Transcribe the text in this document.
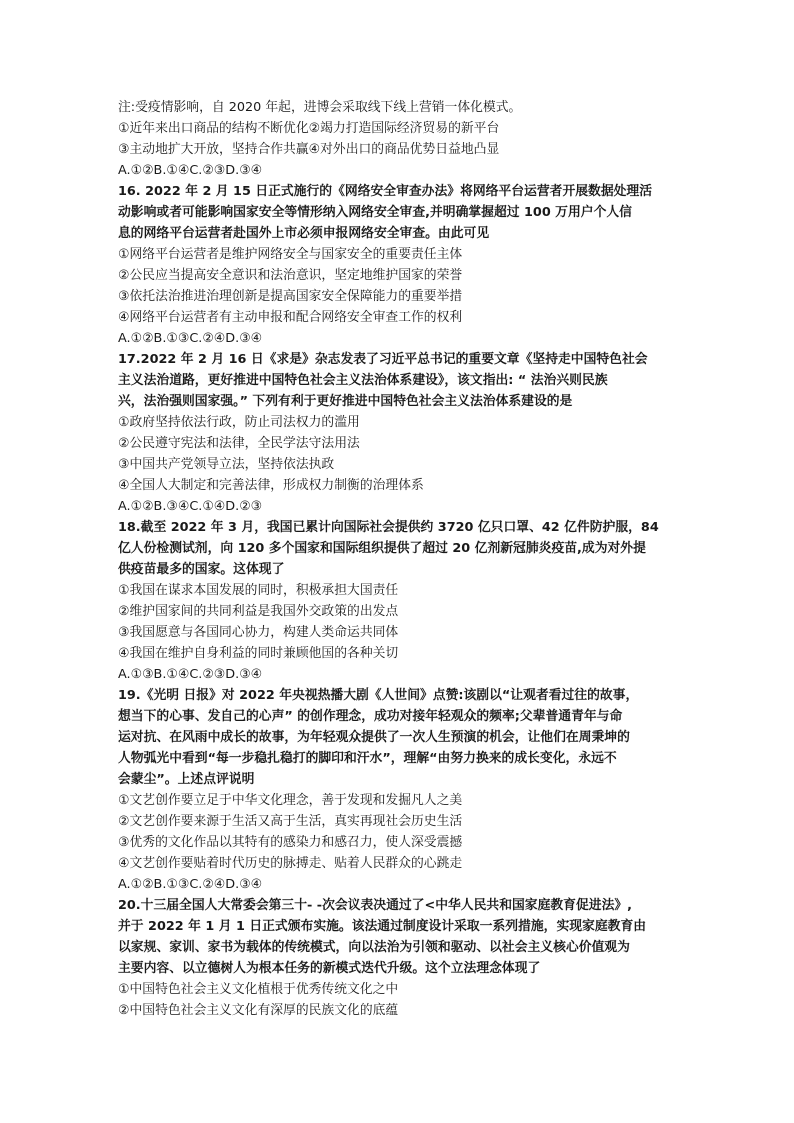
注:受疫情影响，自 2020 年起，进博会采取线下线上营销一体化模式。
①近年来出口商品的结构不断优化②竭力打造国际经济贸易的新平台
③主动地扩大开放，坚持合作共赢④对外出口的商品优势日益地凸显
A.①②B.①④C.②③D.③④
16. 2022 年 2 月 15 日正式施行的《网络安全审查办法》将网络平台运营者开展数据处理活
动影响或者可能影响国家安全等情形纳入网络安全审查,并明确掌握超过 100 万用户个人信
息的网络平台运营者赴国外上市必须申报网络安全审查。由此可见
①网络平台运营者是维护网络安全与国家安全的重要责任主体
②公民应当提高安全意识和法治意识，坚定地维护国家的荣誉
③依托法治推进治理创新是提高国家安全保障能力的重要举措
④网络平台运营者有主动申报和配合网络安全审查工作的权利
A.①②B.①③C.②④D.③④
17.2022 年 2 月 16 日《求是》杂志发表了习近平总书记的重要文章《坚持走中国特色社会
主义法治道路，更好推进中国特色社会主义法治体系建设》，该文指出: “ 法治兴则民族
兴，法治强则国家强。” 下列有利于更好推进中国特色社会主义法治体系建设的是
①政府坚持依法行政，防止司法权力的滥用
②公民遵守宪法和法律，全民学法守法用法
③中国共产党领导立法，坚持依法执政
④全国人大制定和完善法律，形成权力制衡的治理体系
A.①②B.③④C.①④D.②③
18.截至 2022 年 3 月，我国已累计向国际社会提供约 3720 亿只口罩、42 亿件防护服，84
亿人份检测试剂，向 120 多个国家和国际组织提供了超过 20 亿剂新冠肺炎疫苗,成为对外提
供疫苗最多的国家。这体现了
①我国在谋求本国发展的同时，积极承担大国责任
②维护国家间的共同利益是我国外交政策的出发点
③我国愿意与各国同心协力，构建人类命运共同体
④我国在维护自身利益的同时兼顾他国的各种关切
A.①③B.①④C.②③D.③④
19.《光明 日报》对 2022 年央视热播大剧《人世间》点赞:该剧以“让观者看过往的故事，
想当下的心事、发自己的心声” 的创作理念，成功对接年轻观众的频率;父辈普通青年与命
运对抗、在风雨中成长的故事，为年轻观众提供了一次人生预演的机会，让他们在周秉坤的
人物弧光中看到“每一步稳扎稳打的脚印和汗水”，理解“由努力换来的成长变化，永远不
会蒙尘”。上述点评说明
①文艺创作要立足于中华文化理念，善于发现和发掘凡人之美
②文艺创作要来源于生活又高于生活，真实再现社会历史生活
③优秀的文化作品以其特有的感染力和感召力，使人深受震撼
④文艺创作要贴着时代历史的脉搏走、贴着人民群众的心跳走
A.①②B.①③C.②④D.③④
20.十三届全国人大常委会第三十- -次会议表决通过了<中华人民共和国家庭教育促进法》,
并于 2022 年 1 月 1 日正式颁布实施。该法通过制度设计采取一系列措施，实现家庭教育由
以家规、家训、家书为载体的传统模式，向以法治为引领和驱动、以社会主义核心价值观为
主要内容、以立德树人为根本任务的新模式迭代升级。这个立法理念体现了
①中国特色社会主义文化植根于优秀传统文化之中
②中国特色社会主义文化有深厚的民族文化的底蕴
